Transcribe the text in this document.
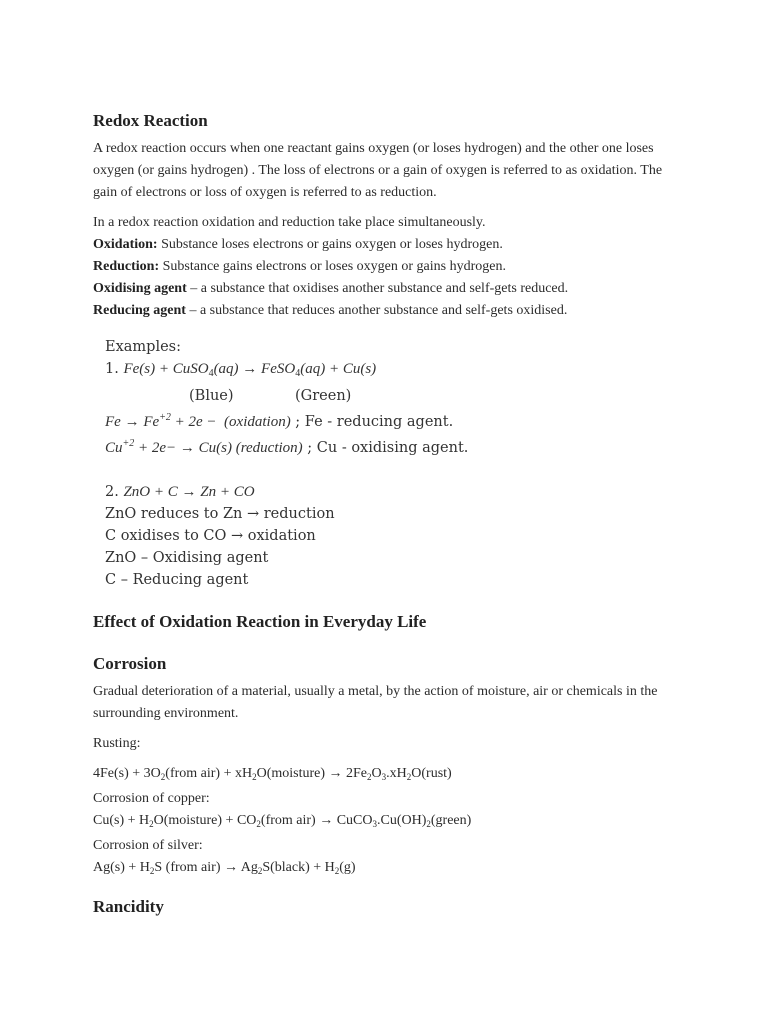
Redox Reaction

A redox reaction occurs when one reactant gains oxygen (or loses hydrogen) and the other one loses oxygen (or gains hydrogen) . The loss of electrons or a gain of oxygen is referred to as oxidation. The gain of electrons or loss of oxygen is referred to as reduction.

In a redox reaction oxidation and reduction take place simultaneously.

Oxidation: Substance loses electrons or gains oxygen or loses hydrogen.

Reduction: Substance gains electrons or loses oxygen or gains hydrogen.

Oxidising agent – a substance that oxidises another substance and self-gets reduced.

Reducing agent – a substance that reduces another substance and self-gets oxidised.

Examples:
1. Fe(s) + CuSO$_4$(aq) → FeSO$_4$(aq) + Cu(s)
(Blue)	(Green)
$Fe \to Fe^{+2} + 2e$ −  (oxidation) ; Fe - reducing agent.
$Cu^{+2} + 2e- \to Cu(s)$ (reduction) ; Cu - oxidising agent.
2. ZnO + C → Zn + CO
ZnO reduces to Zn → reduction
C oxidises to CO → oxidation
ZnO – Oxidising agent
C – Reducing agent
Effect of Oxidation Reaction in Everyday Life
Corrosion

Gradual deterioration of a material, usually a metal, by the action of moisture, air or chemicals in the surrounding environment.

Rusting:

$4Fe(s) + 3O_2(from$ $air) + xH_2O(moisture)$ → $2Fe_2O_3.xH_2O(rust)$

Corrosion of copper:

$Cu(s) + H_2O(moisture)$ + $CO_2(from$ $air) \to CuCO_3.Cu(OH)_2(green)$

Corrosion of silver:

$Ag(s) + H_2S$ (from $air) \to Ag_2S(black) + H_2(g)$

Rancidity
